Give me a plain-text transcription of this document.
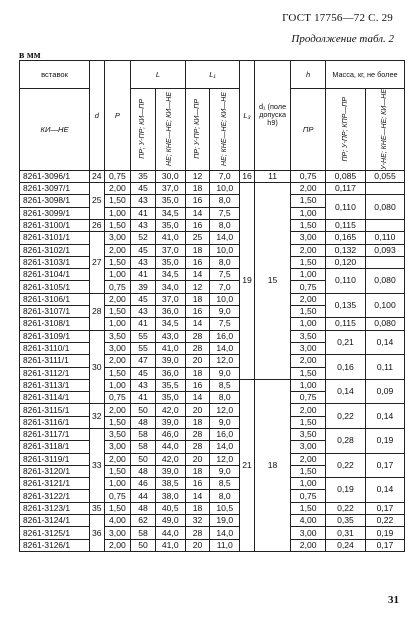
ГОСТ 17756—72 С. 29
Продолжение табл. 2
в мм
вставок	d	P	L		L₁		L₃	d₁ (поле допуска h9)	h	Масса, кг, не более	

КИ—НЕ			ПР; У-ПР; КИ—ПР	НЕ; КНЕ—НЕ; КИ—НЕ	ПР; У-ПР; КИ—ПР	НЕ; КНЕ—НЕ; КИ—НЕ			ПР	ПР; У-ПР; КПР—ПР	У-НЕ; КНЕ—НЕ; КИ—НЕ

8261-3096/1	24	0,75	35	30,0	12	7,0	16	11	0,75	0,085	0,055
8261-3097/1	25	2,00	45	37,0	18	10,0	19	15	2,00	0,117	
8261-3098/1		1,50	43	35,0	16	8,0			1,50	0,110	0,080
8261-3099/1		1,00	41	34,5	14	7,5			1,00		
8261-3100/1	26	1,50	43	35,0	16	8,0			1,50	0,115	
8261-3101/1	27	3,00	52	41,0	25	14,0			3,00	0,165	0,110
8261-3102/1		2,00	45	37,0	18	10,0			2,00	0,132	0,093
8261-3103/1		1,50	43	35,0	16	8,0			1,50	0,120	
8261-3104/1		1,00	41	34,5	14	7,5			1,00	0,110	0,080
8261-3105/1		0,75	39	34,0	12	7,0			0,75		
8261-3106/1	28	2,00	45	37,0	18	10,0			2,00	0,135	0,100
8261-3107/1		1,50	43	36,0	16	9,0			1,50		
8261-3108/1		1,00	41	34,5	14	7,5			1,00	0,115	0,080
8261-3109/1	30	3,50	55	43,0	28	16,0			3,50	0,21	0,14
8261-3110/1		3,00	55	41,0	28	14,0			3,00		
8261-3111/1		2,00	47	39,0	20	12,0			2,00	0,16	0,11
8261-3112/1		1,50	45	36,0	18	9,0			1,50		
8261-3113/1		1,00	43	35,5	16	8,5	21	18	1,00	0,14	0,09
8261-3114/1		0,75	41	35,0	14	8,0			0,75		
8261-3115/1	32	2,00	50	42,0	20	12,0			2,00	0,22	0,14
8261-3116/1		1,50	48	39,0	18	9,0			1,50		
8261-3117/1	33	3,50	58	46,0	28	16,0			3,50	0,28	0,19
8261-3118/1		3,00	58	44,0	28	14,0			3,00		
8261-3119/1		2,00	50	42,0	20	12,0			2,00	0,22	0,17
8261-3120/1		1,50	48	39,0	18	9,0			1,50		
8261-3121/1		1,00	46	38,5	16	8,5			1,00	0,19	0,14
8261-3122/1		0,75	44	38,0	14	8,0			0,75		
8261-3123/1	35	1,50	48	40,5	18	10,5			1,50	0,22	0,17
8261-3124/1	36	4,00	62	49,0	32	19,0			4,00	0,35	0,22
8261-3125/1		3,00	58	44,0	28	14,0			3,00	0,31	0,19
8261-3126/1		2,00	50	41,0	20	11,0			2,00	0,24	0,17
31
